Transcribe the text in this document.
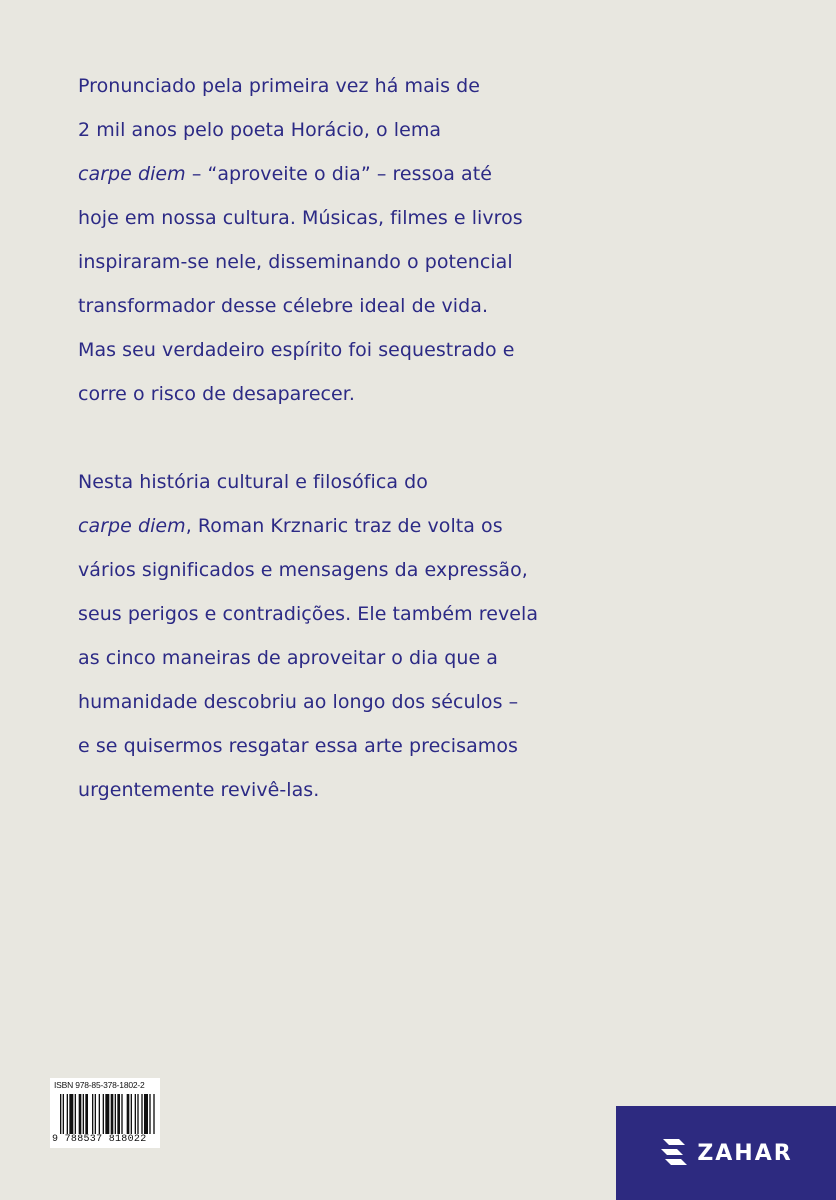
Pronunciado pela primeira vez há mais de
2 mil anos pelo poeta Horácio, o lema
carpe diem – “aproveite o dia” – ressoa até
hoje em nossa cultura. Músicas, filmes e livros
inspiraram-se nele, disseminando o potencial
transformador desse célebre ideal de vida.
Mas seu verdadeiro espírito foi sequestrado e
corre o risco de desaparecer.

Nesta história cultural e filosófica do
carpe diem, Roman Krznaric traz de volta os
vários significados e mensagens da expressão,
seus perigos e contradições. Ele também revela
as cinco maneiras de aproveitar o dia que a
humanidade descobriu ao longo dos séculos –
e se quisermos resgatar essa arte precisamos
urgentemente revivê-las.

ISBN 978-85-378-1802-2
9 788537 818022
ZAHAR
